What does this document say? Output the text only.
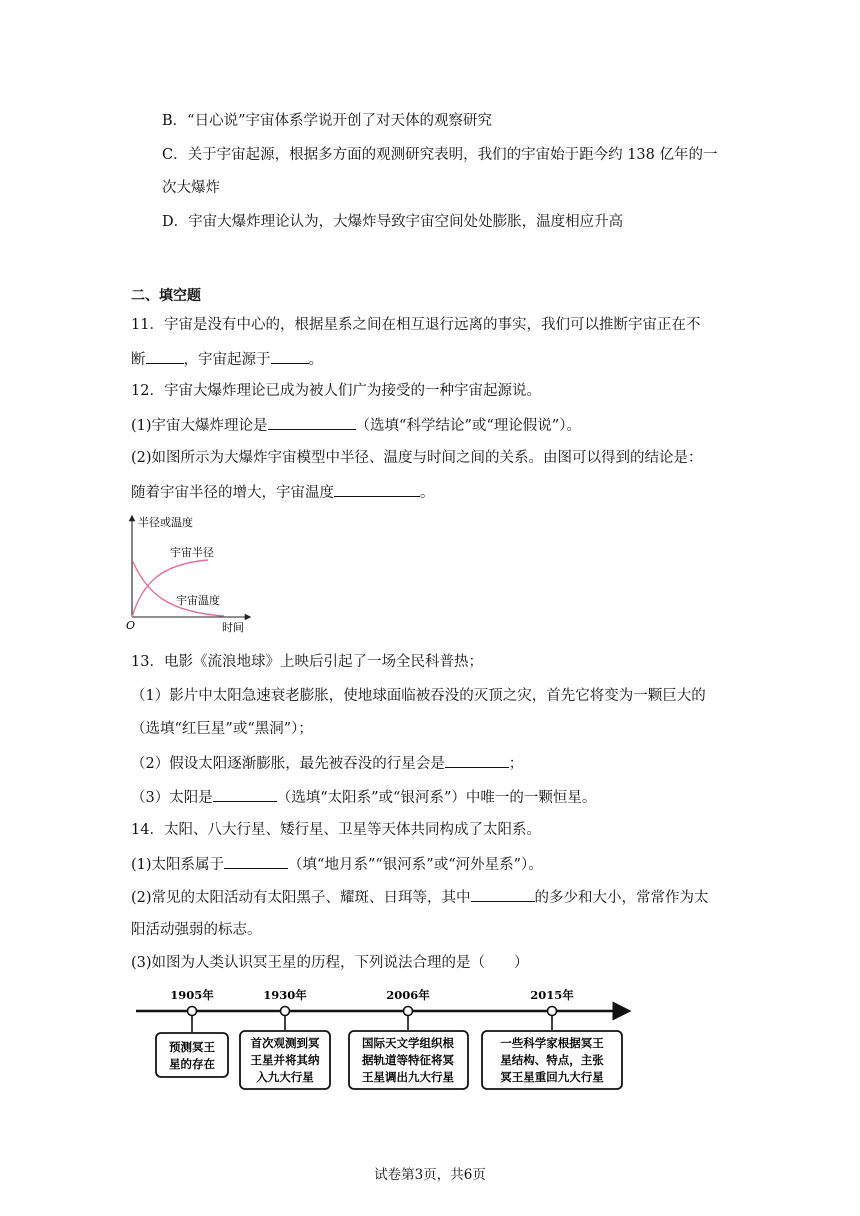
B．“日心说”宇宙体系学说开创了对天体的观察研究
C．关于宇宙起源，根据多方面的观测研究表明，我们的宇宙始于距今约 138 亿年的一
次大爆炸
D．宇宙大爆炸理论认为，大爆炸导致宇宙空间处处膨胀，温度相应升高
二、填空题
11．宇宙是没有中心的，根据星系之间在相互退行远离的事实，我们可以推断宇宙正在不
断	，宇宙起源于	。
12．宇宙大爆炸理论已成为被人们广为接受的一种宇宙起源说。
(1)宇宙大爆炸理论是	（选填“科学结论”或“理论假说”）。
(2)如图所示为大爆炸宇宙模型中半径、温度与时间之间的关系。由图可以得到的结论是：
随着宇宙半径的增大，宇宙温度	。
半径或温度
时间
O
宇宙半径
宇宙温度
13．电影《流浪地球》上映后引起了一场全民科普热；
（1）影片中太阳急速衰老膨胀，使地球面临被吞没的灭顶之灾，首先它将变为一颗巨大的
（选填“红巨星”或“黑洞”）；
（2）假设太阳逐渐膨胀，最先被吞没的行星会是	；
（3）太阳是	（选填“太阳系”或“银河系”）中唯一的一颗恒星。
14．太阳、八大行星、矮行星、卫星等天体共同构成了太阳系。
(1)太阳系属于	（填“地月系”“银河系”或“河外星系”）。
(2)常见的太阳活动有太阳黑子、耀斑、日珥等，其中	的多少和大小，常常作为太
阳活动强弱的标志。
(3)如图为人类认识冥王星的历程，下列说法合理的是（　　）
1905年	1930年	2006年	2015年
预测冥王
星的存在
首次观测到冥
王星并将其纳
入九大行星
国际天文学组织根
据轨道等特征将冥
王星调出九大行星
一些科学家根据冥王
星结构、特点，主张
冥王星重回九大行星
试卷第3页，共6页
